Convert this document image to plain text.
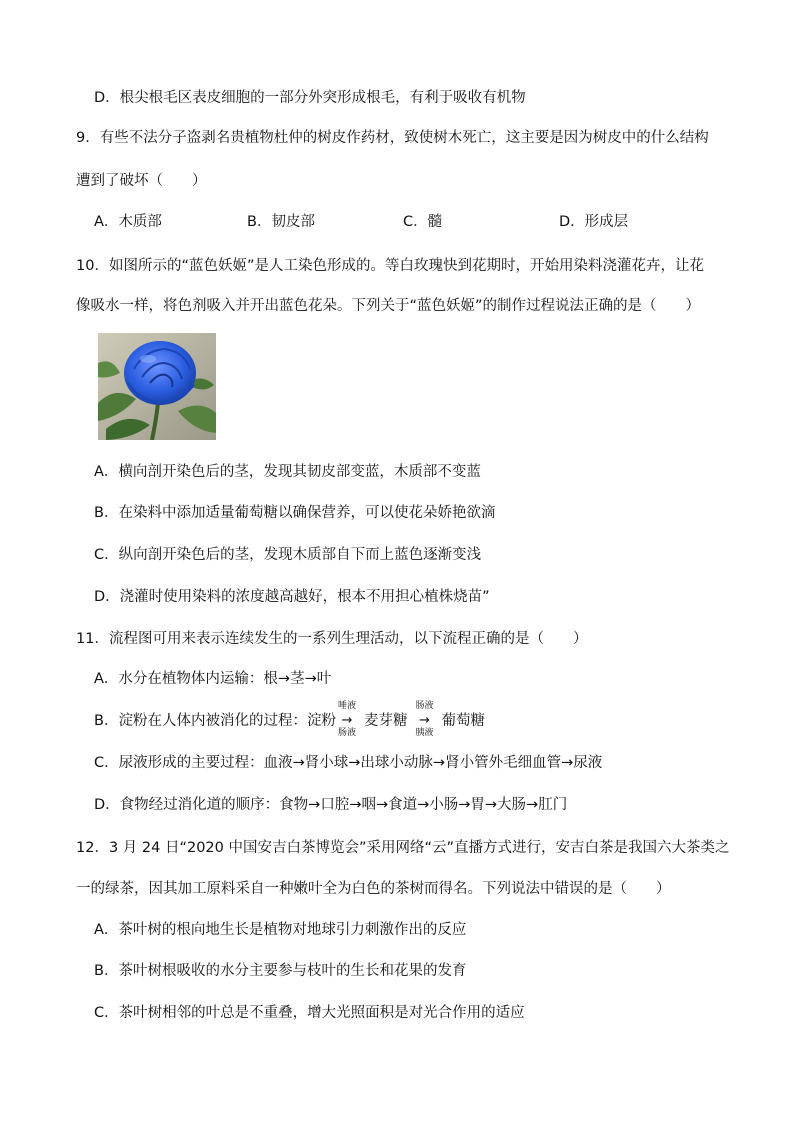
D．根尖根毛区表皮细胞的一部分外突形成根毛，有利于吸收有机物
9．有些不法分子盗剥名贵植物杜仲的树皮作药材，致使树木死亡，这主要是因为树皮中的什么结构
遭到了破坏（　　）
A．木质部	B．韧皮部	C．髓	D．形成层
10．如图所示的“蓝色妖姬”是人工染色形成的。等白玫瑰快到花期时，开始用染料浇灌花卉，让花
像吸水一样，将色剂吸入并开出蓝色花朵。下列关于“蓝色妖姬”的制作过程说法正确的是（　　）
A．横向剖开染色后的茎，发现其韧皮部变蓝，木质部不变蓝
B．在染料中添加适量葡萄糖以确保营养，可以使花朵娇艳欲滴
C．纵向剖开染色后的茎，发现木质部自下而上蓝色逐渐变浅
D．浇灌时使用染料的浓度越高越好，根本不用担心植株烧苗”
11．流程图可用来表示连续发生的一系列生理活动，以下流程正确的是（　　）
A．水分在植物体内运输：根→茎→叶
B．淀粉在人体内被消化的过程：淀粉
唾液
→
肠液
麦芽糖
肠液
→
胰液
葡萄糖
C．尿液形成的主要过程：血液→肾小球→出球小动脉→肾小管外毛细血管→尿液
D．食物经过消化道的顺序：食物→口腔→咽→食道→小肠→胃→大肠→肛门
12．3 月 24 日“2020 中国安吉白茶博览会”采用网络“云”直播方式进行，安吉白茶是我国六大茶类之
一的绿茶，因其加工原料采自一种嫩叶全为白色的茶树而得名。下列说法中错误的是（　　）
A．茶叶树的根向地生长是植物对地球引力刺激作出的反应
B．茶叶树根吸收的水分主要参与枝叶的生长和花果的发育
C．茶叶树相邻的叶总是不重叠，增大光照面积是对光合作用的适应
